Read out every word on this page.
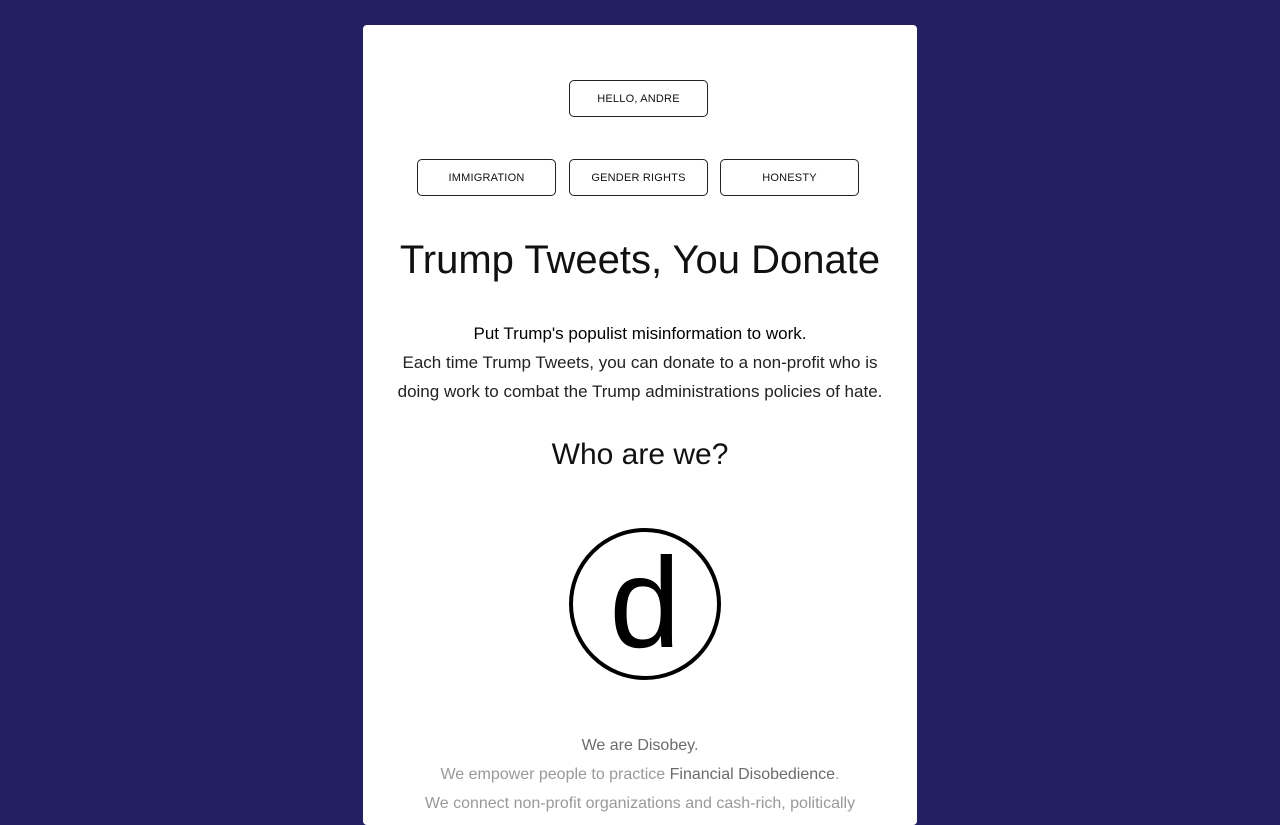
HELLO, ANDRE
IMMIGRATION	GENDER RIGHTS	HONESTY
Trump Tweets, You Donate
Put Trump's populist misinformation to work.
Each time Trump Tweets, you can donate to a non-profit who is
doing work to combat the Trump administrations policies of hate.
Who are we?
d
We are Disobey.
We empower people to practice Financial Disobedience.
We connect non-profit organizations and cash-rich, politically
